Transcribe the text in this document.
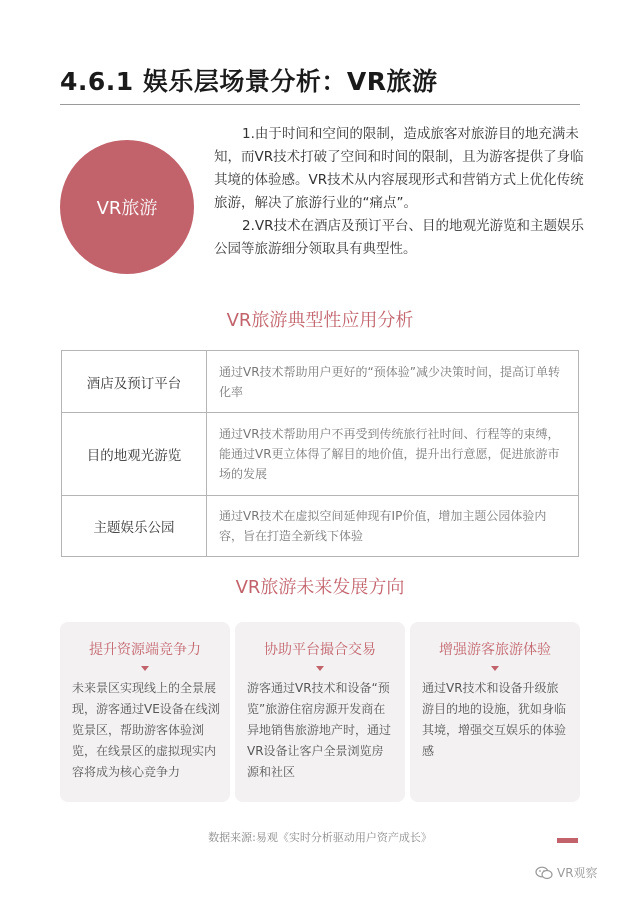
4.6.1 娱乐层场景分析：VR旅游
VR旅游

1.由于时间和空间的限制，造成旅客对旅游目的地充满未知，而VR技术打破了空间和时间的限制，且为游客提供了身临其境的体验感。VR技术从内容展现形式和营销方式上优化传统旅游，解决了旅游行业的“痛点”。

2.VR技术在酒店及预订平台、目的地观光游览和主题娱乐公园等旅游细分领取具有典型性。

VR旅游典型性应用分析
酒店及预订平台	通过VR技术帮助用户更好的“预体验”减少决策时间，提高订单转化率
目的地观光游览	通过VR技术帮助用户不再受到传统旅行社时间、行程等的束缚，能通过VR更立体得了解目的地价值，提升出行意愿，促进旅游市场的发展
主题娱乐公园	通过VR技术在虚拟空间延伸现有IP价值，增加主题公园体验内容，旨在打造全新线下体验
VR旅游未来发展方向
提升资源端竞争力
未来景区实现线上的全景展现，游客通过VE设备在线浏览景区，帮助游客体验浏览，在线景区的虚拟现实内容将成为核心竞争力
协助平台撮合交易
游客通过VR技术和设备“预览”旅游住宿房源开发商在异地销售旅游地产时，通过VR设备让客户全景浏览房源和社区
增强游客旅游体验
通过VR技术和设备升级旅游目的地的设施，犹如身临其境，增强交互娱乐的体验感
数据来源:易观《实时分析驱动用户资产成长》
VR观察
